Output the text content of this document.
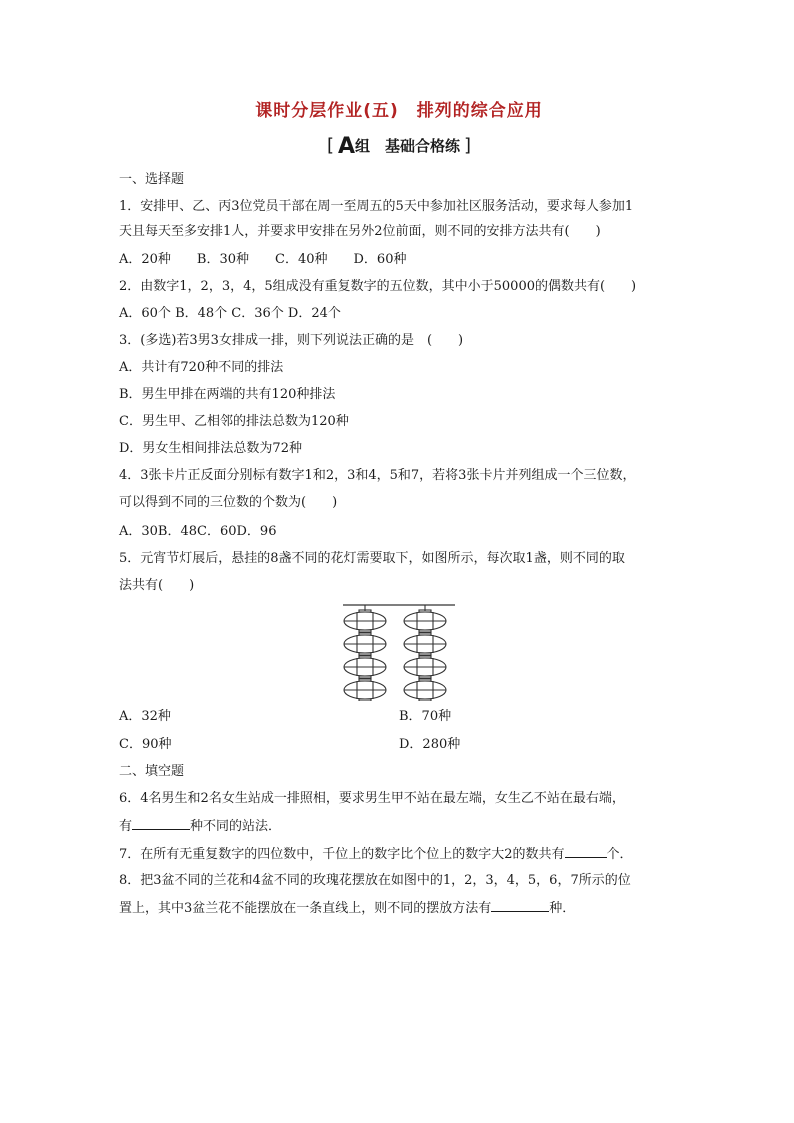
课时分层作业(五) 排列的综合应用
[ A组　基础合格练 ]
一、选择题
1．安排甲、乙、丙3位党员干部在周一至周五的5天中参加社区服务活动，要求每人参加1
天且每天至多安排1人，并要求甲安排在另外2位前面，则不同的安排方法共有(　　)
A．20种　　B．30种　　C．40种　　D．60种
2．由数字1，2，3，4，5组成没有重复数字的五位数，其中小于50000的偶数共有(　　)
A．60个 B．48个 C．36个 D．24个
3．(多选)若3男3女排成一排，则下列说法正确的是　(　　)
A．共计有720种不同的排法
B．男生甲排在两端的共有120种排法
C．男生甲、乙相邻的排法总数为120种
D．男女生相间排法总数为72种
4．3张卡片正反面分别标有数字1和2，3和4，5和7，若将3张卡片并列组成一个三位数，
可以得到不同的三位数的个数为(　　)
A．30B．48C．60D．96
5．元宵节灯展后，悬挂的8盏不同的花灯需要取下，如图所示，每次取1盏，则不同的取
法共有(　　)
A．32种	B．70种
C．90种	D．280种
二、填空题
6．4名男生和2名女生站成一排照相，要求男生甲不站在最左端，女生乙不站在最右端，
有	种不同的站法．
7．在所有无重复数字的四位数中，千位上的数字比个位上的数字大2的数共有	个．
8．把3盆不同的兰花和4盆不同的玫瑰花摆放在如图中的1，2，3，4，5，6，7所示的位
置上，其中3盆兰花不能摆放在一条直线上，则不同的摆放方法有	种．
